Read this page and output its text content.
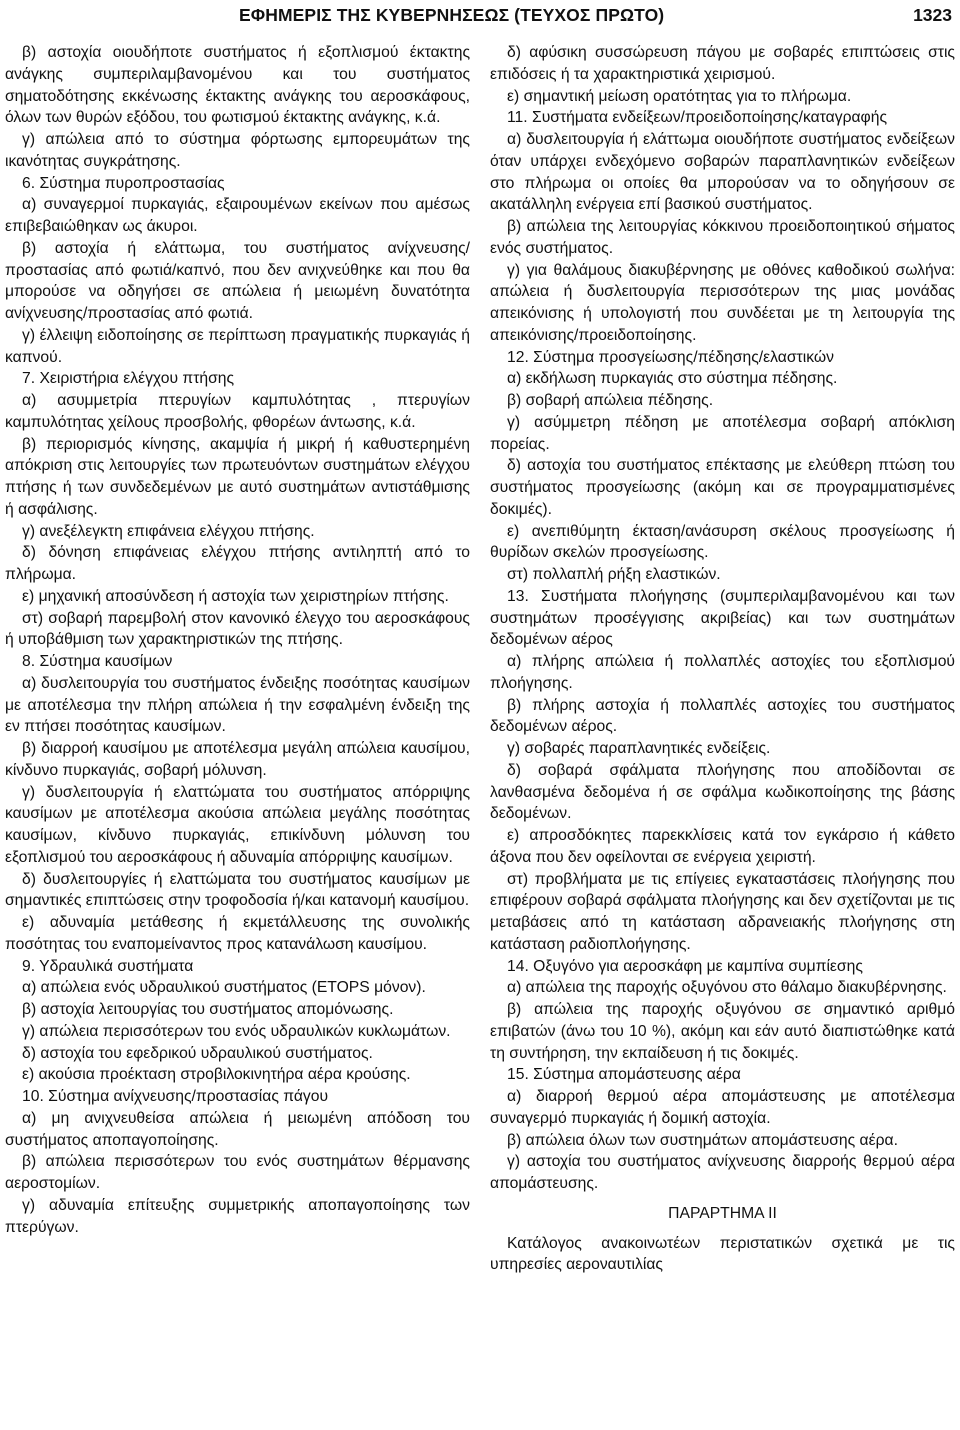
ΕΦΗΜΕΡΙΣ ΤΗΣ ΚΥΒΕΡΝΗΣΕΩΣ (ΤΕΥΧΟΣ ΠΡΩΤΟ)	1323

β) αστοχία οιουδήποτε συστήματος ή εξοπλισμού έκτακτης ανάγκης συμπεριλαμβανομένου και του συστήματος σηματοδότησης εκκένωσης έκτακτης ανάγκης του αεροσκάφους, όλων των θυρών εξόδου, του φωτισμού έκτακτης ανάγκης, κ.ά.

γ) απώλεια από το σύστημα φόρτωσης εμπορευμάτων της ικανότητας συγκράτησης.

6. Σύστημα πυροπροστασίας

α) συναγερμοί πυρκαγιάς, εξαιρουμένων εκείνων που αμέσως επιβεβαιώθηκαν ως άκυροι.

β) αστοχία ή ελάττωμα, του συστήματος ανίχνευσης/ προστασίας από φωτιά/καπνό, που δεν ανιχνεύθηκε και που θα μπορούσε να οδηγήσει σε απώλεια ή μειωμένη δυνατότητα ανίχνευσης/προστασίας από φωτιά.

γ) έλλειψη ειδοποίησης σε περίπτωση πραγματικής πυρκαγιάς ή καπνού.

7. Χειριστήρια ελέγχου πτήσης

α) ασυμμετρία πτερυγίων καμπυλότητας , πτερυγίων καμπυλότητας χείλους προσβολής, φθορέων άντωσης, κ.ά.

β) περιορισμός κίνησης, ακαμψία ή μικρή ή καθυστερημένη απόκριση στις λειτουργίες των πρωτευόντων συστημάτων ελέγχου πτήσης ή των συνδεδεμένων με αυτό συστημάτων αντιστάθμισης ή ασφάλισης.

γ) ανεξέλεγκτη επιφάνεια ελέγχου πτήσης.

δ) δόνηση επιφάνειας ελέγχου πτήσης αντιληπτή από το πλήρωμα.

ε) μηχανική αποσύνδεση ή αστοχία των χειριστηρίων πτήσης.

στ) σοβαρή παρεμβολή στον κανονικό έλεγχο του αεροσκάφους ή υποβάθμιση των χαρακτηριστικών της πτήσης.

8. Σύστημα καυσίμων

α) δυσλειτουργία του συστήματος ένδειξης ποσότητας καυσίμων με αποτέλεσμα την πλήρη απώλεια ή την εσφαλμένη ένδειξη της εν πτήσει ποσότητας καυσίμων.

β) διαρροή καυσίμου με αποτέλεσμα μεγάλη απώλεια καυσίμου, κίνδυνο πυρκαγιάς, σοβαρή μόλυνση.

γ) δυσλειτουργία ή ελαττώματα του συστήματος απόρριψης καυσίμων με αποτέλεσμα ακούσια απώλεια μεγάλης ποσότητας καυσίμων, κίνδυνο πυρκαγιάς, επικίνδυνη μόλυνση του εξοπλισμού του αεροσκάφους ή αδυναμία απόρριψης καυσίμων.

δ) δυσλειτουργίες ή ελαττώματα του συστήματος καυσίμων με σημαντικές επιπτώσεις στην τροφοδοσία ή/και κατανομή καυσίμου.

ε) αδυναμία μετάθεσης ή εκμετάλλευσης της συνολικής ποσότητας του εναπομείναντος προς κατανάλωση καυσίμου.

9. Υδραυλικά συστήματα

α) απώλεια ενός υδραυλικού συστήματος (ETOPS μόνον).

β) αστοχία λειτουργίας του συστήματος απομόνωσης.

γ) απώλεια περισσότερων του ενός υδραυλικών κυκλωμάτων.

δ) αστοχία του εφεδρικού υδραυλικού συστήματος.

ε) ακούσια προέκταση στροβιλοκινητήρα αέρα κρούσης.

10. Σύστημα ανίχνευσης/προστασίας πάγου

α) μη ανιχνευθείσα απώλεια ή μειωμένη απόδοση του συστήματος αποπαγοποίησης.

β) απώλεια περισσότερων του ενός συστημάτων θέρμανσης αεροστομίων.

γ) αδυναμία επίτευξης συμμετρικής αποπαγοποίησης των πτερύγων.

δ) αφύσικη συσσώρευση πάγου με σοβαρές επιπτώσεις στις επιδόσεις ή τα χαρακτηριστικά χειρισμού.

ε) σημαντική μείωση ορατότητας για το πλήρωμα.

11. Συστήματα ενδείξεων/προειδοποίησης/καταγραφής

α) δυσλειτουργία ή ελάττωμα οιουδήποτε συστήματος ενδείξεων όταν υπάρχει ενδεχόμενο σοβαρών παραπλανητικών ενδείξεων στο πλήρωμα οι οποίες θα μπορούσαν να το οδηγήσουν σε ακατάλληλη ενέργεια επί βασικού συστήματος.

β) απώλεια της λειτουργίας κόκκινου προειδοποιητικού σήματος ενός συστήματος.

γ) για θαλάμους διακυβέρνησης με οθόνες καθοδικού σωλήνα: απώλεια ή δυσλειτουργία περισσότερων της μιας μονάδας απεικόνισης ή υπολογιστή που συνδέεται με τη λειτουργία της απεικόνισης/προειδοποίησης.

12. Σύστημα προσγείωσης/πέδησης/ελαστικών

α) εκδήλωση πυρκαγιάς στο σύστημα πέδησης.

β) σοβαρή απώλεια πέδησης.

γ) ασύμμετρη πέδηση με αποτέλεσμα σοβαρή απόκλιση πορείας.

δ) αστοχία του συστήματος επέκτασης με ελεύθερη πτώση του συστήματος προσγείωσης (ακόμη και σε προγραμματισμένες δοκιμές).

ε) ανεπιθύμητη έκταση/ανάσυρση σκέλους προσγείωσης ή θυρίδων σκελών προσγείωσης.

στ) πολλαπλή ρήξη ελαστικών.

13. Συστήματα πλοήγησης (συμπεριλαμβανομένου και των συστημάτων προσέγγισης ακριβείας) και των συστημάτων δεδομένων αέρος

α) πλήρης απώλεια ή πολλαπλές αστοχίες του εξοπλισμού πλοήγησης.

β) πλήρης αστοχία ή πολλαπλές αστοχίες του συστήματος δεδομένων αέρος.

γ) σοβαρές παραπλανητικές ενδείξεις.

δ) σοβαρά σφάλματα πλοήγησης που αποδίδονται σε λανθασμένα δεδομένα ή σε σφάλμα κωδικοποίησης της βάσης δεδομένων.

ε) απροσδόκητες παρεκκλίσεις κατά τον εγκάρσιο ή κάθετο άξονα που δεν οφείλονται σε ενέργεια χειριστή.

στ) προβλήματα με τις επίγειες εγκαταστάσεις πλοήγησης που επιφέρουν σοβαρά σφάλματα πλοήγησης και δεν σχετίζονται με τις μεταβάσεις από τη κατάσταση αδρανειακής πλοήγησης στη κατάσταση ραδιοπλοήγησης.

14. Οξυγόνο για αεροσκάφη με καμπίνα συμπίεσης

α) απώλεια της παροχής οξυγόνου στο θάλαμο διακυβέρνησης.

β) απώλεια της παροχής οξυγόνου σε σημαντικό αριθμό επιβατών (άνω του 10 %), ακόμη και εάν αυτό διαπιστώθηκε κατά τη συντήρηση, την εκπαίδευση ή τις δοκιμές.

15. Σύστημα απομάστευσης αέρα

α) διαρροή θερμού αέρα απομάστευσης με αποτέλεσμα συναγερμό πυρκαγιάς ή δομική αστοχία.

β) απώλεια όλων των συστημάτων απομάστευσης αέρα.

γ) αστοχία του συστήματος ανίχνευσης διαρροής θερμού αέρα απομάστευσης.

ΠΑΡΑΡΤΗΜΑ ΙΙ

Κατάλογος ανακοινωτέων περιστατικών σχετικά με τις υπηρεσίες αεροναυτιλίας
